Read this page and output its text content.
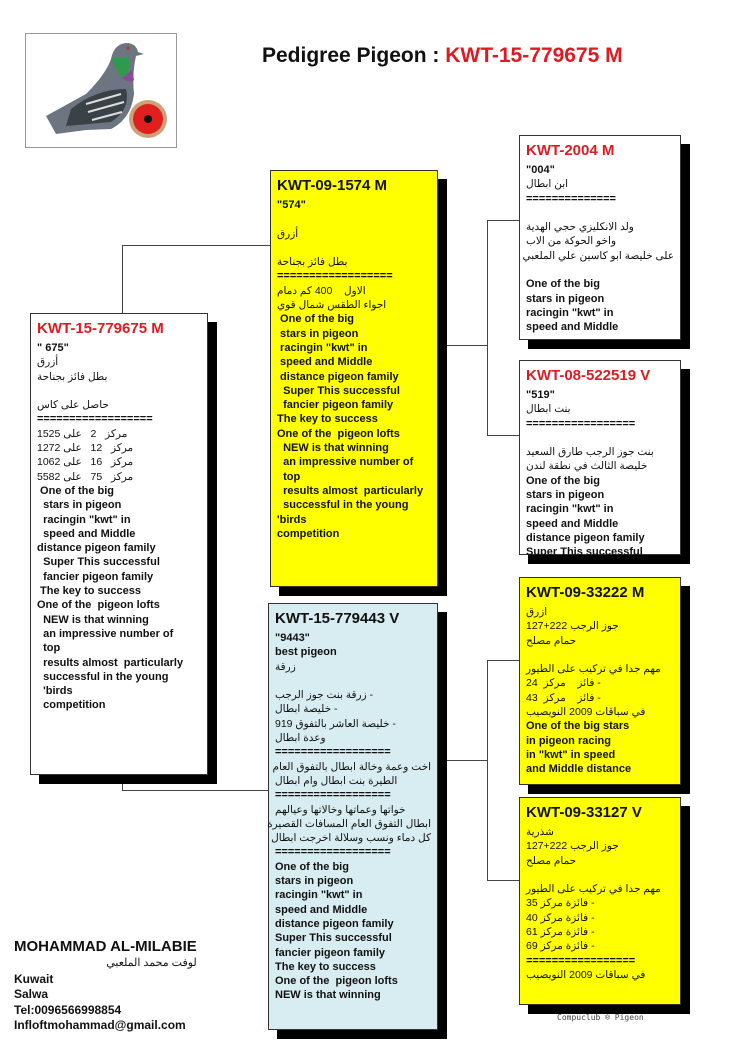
Pedigree Pigeon : KWT-15-779675 M
KWT-15-779675 M
" 675"
أزرق
بطل فائز بجناحة
حاصل على كاس
==================
مركز   2   على 1525
مركز   12   على 1272
مركز   16   على 1062
مركز   75   على 5582
One of the big
stars in pigeon
racingin "kwt" in
speed and Middle
distance pigeon family
Super This successful
fancier pigeon family
The key to success
One of the  pigeon lofts
NEW is that winning
an impressive number of
top
results almost  particularly
successful in the young
'birds
competition
KWT-09-1574 M
"574"
أزرق
بطل فائز بجناحة
==================
الاول    400 كم دمام
اجواء الطقس شمال قوي
One of the big
stars in pigeon
racingin "kwt" in
speed and Middle
distance pigeon family
Super This successful
fancier pigeon family
The key to success
One of the  pigeon lofts
NEW is that winning
an impressive number of
top
results almost  particularly
successful in the young
'birds
competition
KWT-15-779443 V
"9443"
best pigeon
زرقة
- زرقة بنت جوز الرجب
- خليصة ابطال
- خليصة العاشر بالتفوق 919
وعدة ابطال
==================
اخت وعمة وخالة ابطال بالتفوق العام
الطيرة بنت ابطال وام ابطال
==================
خواتها وعماتها وخالاتها وعيالهم
ابطال التفوق العام المسافات القصيرة
كل دماء ونسب وسلالة اخرجت ابطال
==================
One of the big
stars in pigeon
racingin "kwt" in
speed and Middle
distance pigeon family
Super This successful
fancier pigeon family
The key to success
One of the  pigeon lofts
NEW is that winning
KWT-2004 M
"004"
ابن ابطال
==============
ولد الانكليزي حجي الهدية
واخو الحوكة من الاب
على خليصة ابو كاسين علي الملعبي
One of the big
stars in pigeon
racingin "kwt" in
speed and Middle
KWT-08-522519 V
"519"
بنت ابطال
=================
بنت جوز الرجب طارق السعيد
خليصة الثالث في نطقة لندن
One of the big
stars in pigeon
racingin "kwt" in
speed and Middle
distance pigeon family
Super This successful
KWT-09-33222 M
ازرق
جوز الرجب 222+127
حمام مصلح
مهم جدا في تركيب على الطيور
- فائز    مركز  24
- فائز    مركز  43
في سباقات 2009 النويصيب
One of the big stars
in pigeon racing
in "kwt" in speed
and Middle distance
KWT-09-33127 V
شذرية
جوز الرجب 222+127
حمام مصلح
مهم جدا في تركيب على الطيور
- فائزة مركز 35
- فائزة مركز 40
- فائزة مركز 61
- فائزة مركز 69
=================
في سباقات 2009 النويصيب
MOHAMMAD AL-MILABIE
لوفت محمد الملعبي
Kuwait
Salwa
Tel:0096566998854
Infloftmohammad@gmail.com
Compuclub ® Pigeon
